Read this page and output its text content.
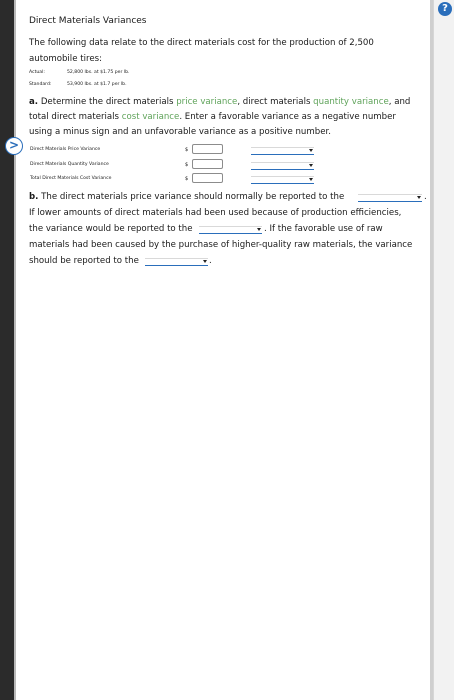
?
>
Direct Materials Variances
The following data relate to the direct materials cost for the production of 2,500
automobile tires:
Actual:	52,800 lbs. at $1.75 per lb.
Standard:	53,900 lbs. at $1.7 per lb.
a. Determine the direct materials price variance, direct materials quantity variance, and
total direct materials cost variance. Enter a favorable variance as a negative number
using a minus sign and an unfavorable variance as a positive number.
Direct Materials Price Variance	$
Direct Materials Quantity Variance	$
Total Direct Materials Cost Variance	$
b. The direct materials price variance should normally be reported to the	.
If lower amounts of direct materials had been used because of production efficiencies,
the variance would be reported to the	. If the favorable use of raw
materials had been caused by the purchase of higher-quality raw materials, the variance
should be reported to the	.
